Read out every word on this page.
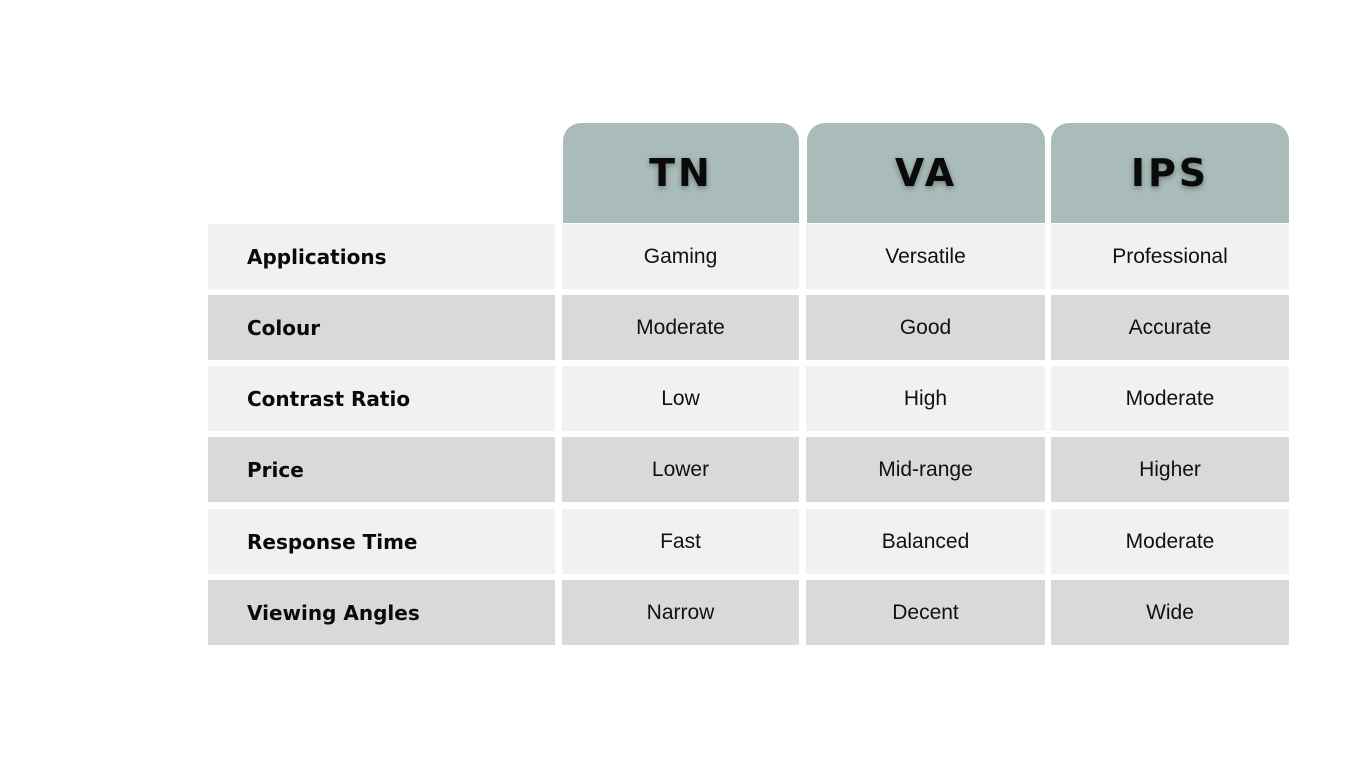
TN	VA	IPS
Applications	Gaming	Versatile	Professional
Colour	Moderate	Good	Accurate
Contrast Ratio	Low	High	Moderate
Price	Lower	Mid-range	Higher
Response Time	Fast	Balanced	Moderate
Viewing Angles	Narrow	Decent	Wide
